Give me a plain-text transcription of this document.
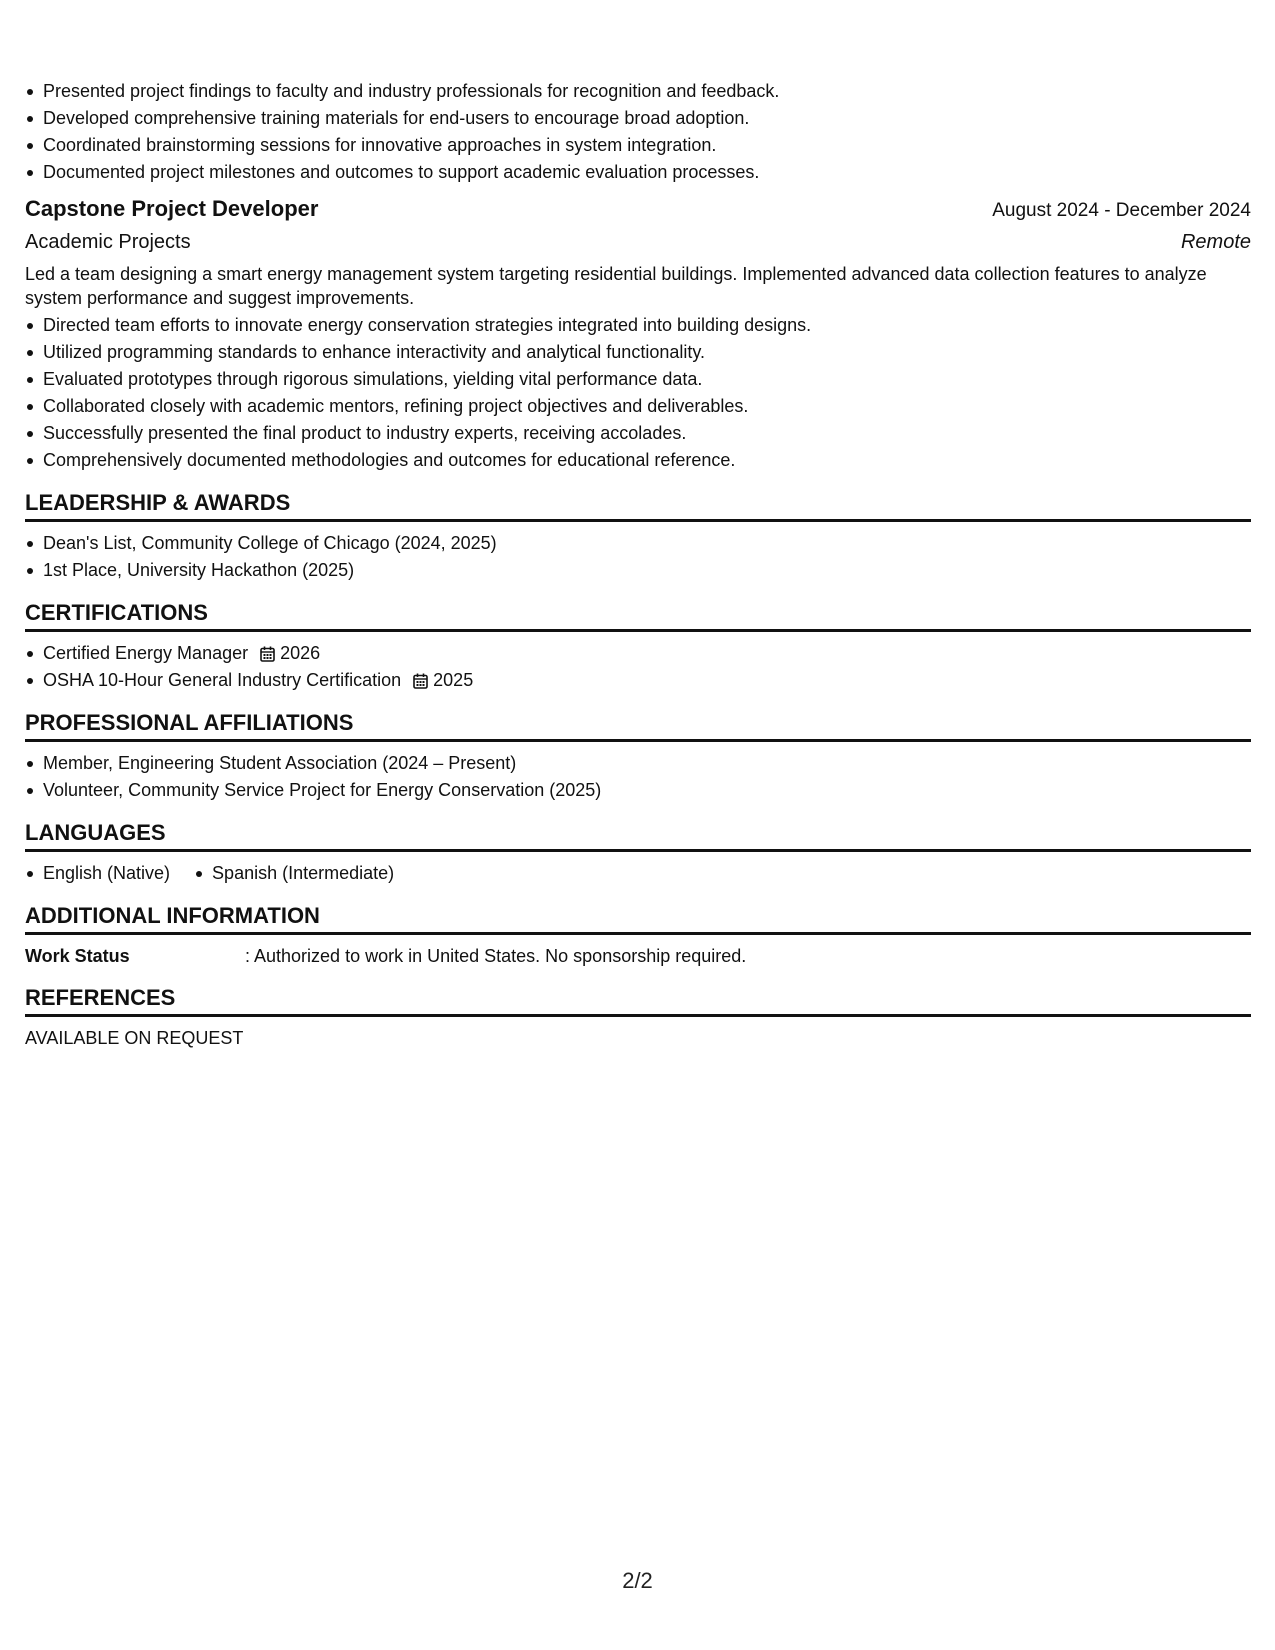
Presented project findings to faculty and industry professionals for recognition and feedback.
Developed comprehensive training materials for end-users to encourage broad adoption.
Coordinated brainstorming sessions for innovative approaches in system integration.
Documented project milestones and outcomes to support academic evaluation processes.
Capstone Project Developer	August 2024 - December 2024
Academic Projects	Remote
Led a team designing a smart energy management system targeting residential buildings. Implemented advanced data collection features to analyze system performance and suggest improvements.
Directed team efforts to innovate energy conservation strategies integrated into building designs.
Utilized programming standards to enhance interactivity and analytical functionality.
Evaluated prototypes through rigorous simulations, yielding vital performance data.
Collaborated closely with academic mentors, refining project objectives and deliverables.
Successfully presented the final product to industry experts, receiving accolades.
Comprehensively documented methodologies and outcomes for educational reference.
LEADERSHIP & AWARDS
Dean's List, Community College of Chicago (2024, 2025)
1st Place, University Hackathon (2025)
CERTIFICATIONS
Certified Energy Manager 2026
OSHA 10-Hour General Industry Certification 2025
PROFESSIONAL AFFILIATIONS
Member, Engineering Student Association (2024 – Present)
Volunteer, Community Service Project for Energy Conservation (2025)
LANGUAGES
English (Native)	Spanish (Intermediate)
ADDITIONAL INFORMATION
Work Status	: Authorized to work in United States. No sponsorship required.
REFERENCES
AVAILABLE ON REQUEST
2/2
